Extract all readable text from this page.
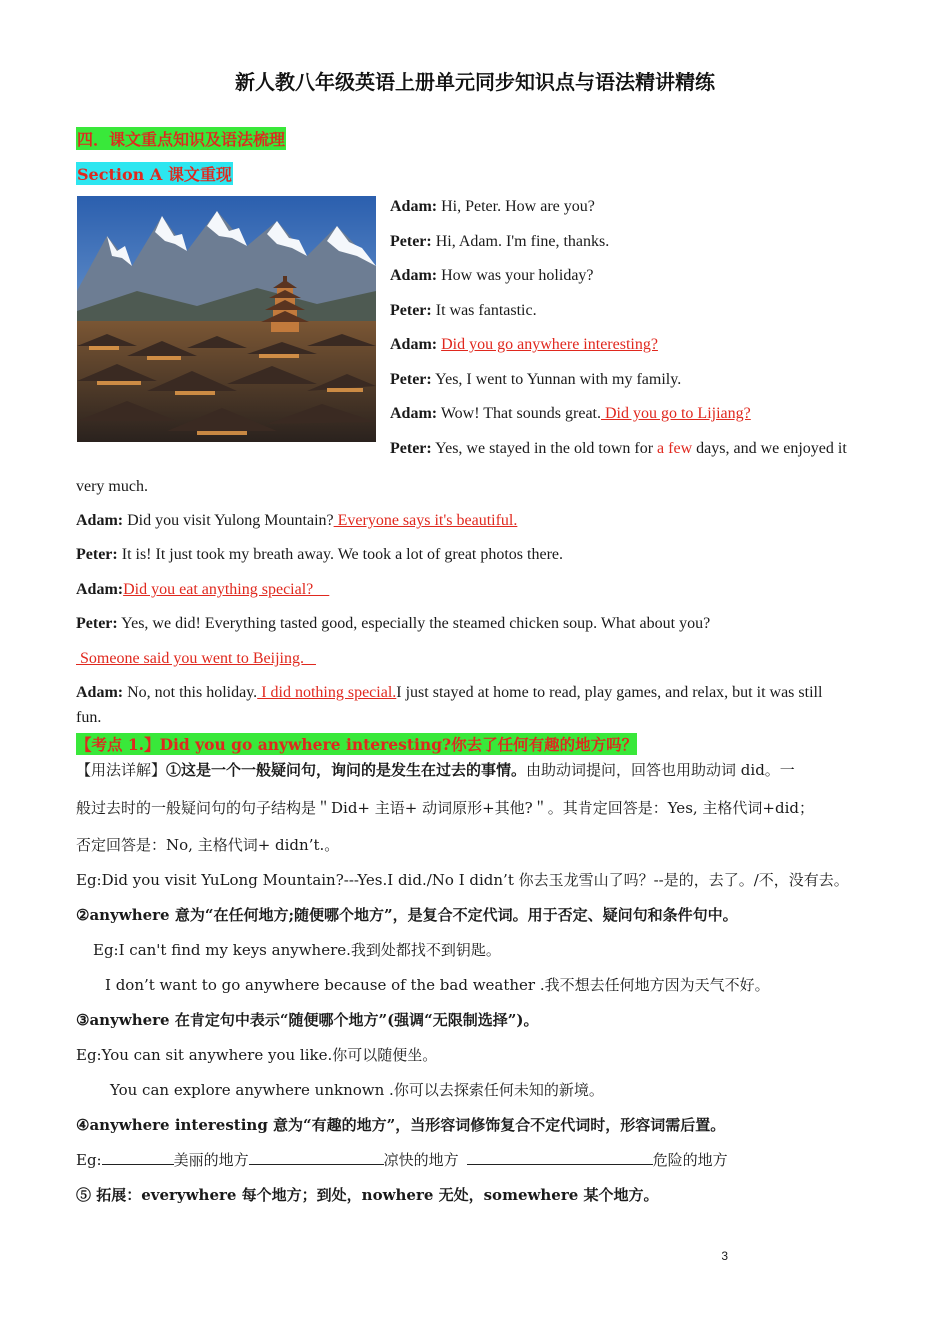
新人教八年级英语上册单元同步知识点与语法精讲精练
四．课文重点知识及语法梳理
Section A 课文重现
Adam: Hi, Peter. How are you?
Peter: Hi, Adam. I'm fine, thanks.
Adam: How was your holiday?
Peter: It was fantastic.
Adam: Did you go anywhere interesting?
Peter: Yes, I went to Yunnan with my family.
Adam: Wow! That sounds great. Did you go to Lijiang?
Peter: Yes, we stayed in the old town for a few days, and we enjoyed it
very much.
Adam: Did you visit Yulong Mountain? Everyone says it's beautiful.
Peter: It is! It just took my breath away. We took a lot of great photos there.
Adam:Did you eat anything special?
Peter: Yes, we did! Everything tasted good, especially the steamed chicken soup. What about you?
Someone said you went to Beijing.
Adam: No, not this holiday. I did nothing special.I just stayed at home to read, play games, and relax, but it was still
fun.
【考点 1.】Did you go anywhere interesting?你去了任何有趣的地方吗？
【用法详解】①这是一个一般疑问句，询问的是发生在过去的事情。由助动词提问，回答也用助动词 did。一
般过去时的一般疑问句的句子结构是＂Did+ 主语+ 动词原形+其他?＂。其肯定回答是：Yes, 主格代词+did；
否定回答是：No, 主格代词+ didn’t.。
Eg:Did you visit YuLong Mountain?---Yes.I did./No I didn’t 你去玉龙雪山了吗？--是的，去了。/不，没有去。
②anywhere 意为“在任何地方;随便哪个地方”，是复合不定代词。用于否定、疑问句和条件句中。
Eg:I can't find my keys anywhere.我到处都找不到钥匙。
I don’t want to go anywhere because of the bad weather .我不想去任何地方因为天气不好。
③anywhere 在肯定句中表示“随便哪个地方”(强调“无限制选择”)。
Eg:You can sit anywhere you like.你可以随便坐。
You can explore anywhere unknown .你可以去探索任何未知的新境。
④anywhere interesting 意为“有趣的地方”，当形容词修饰复合不定代词时，形容词需后置。
Eg:	美丽的地方	凉快的地方	危险的地方
⑤ 拓展：everywhere 每个地方；到处，nowhere 无处，somewhere 某个地方。
3
